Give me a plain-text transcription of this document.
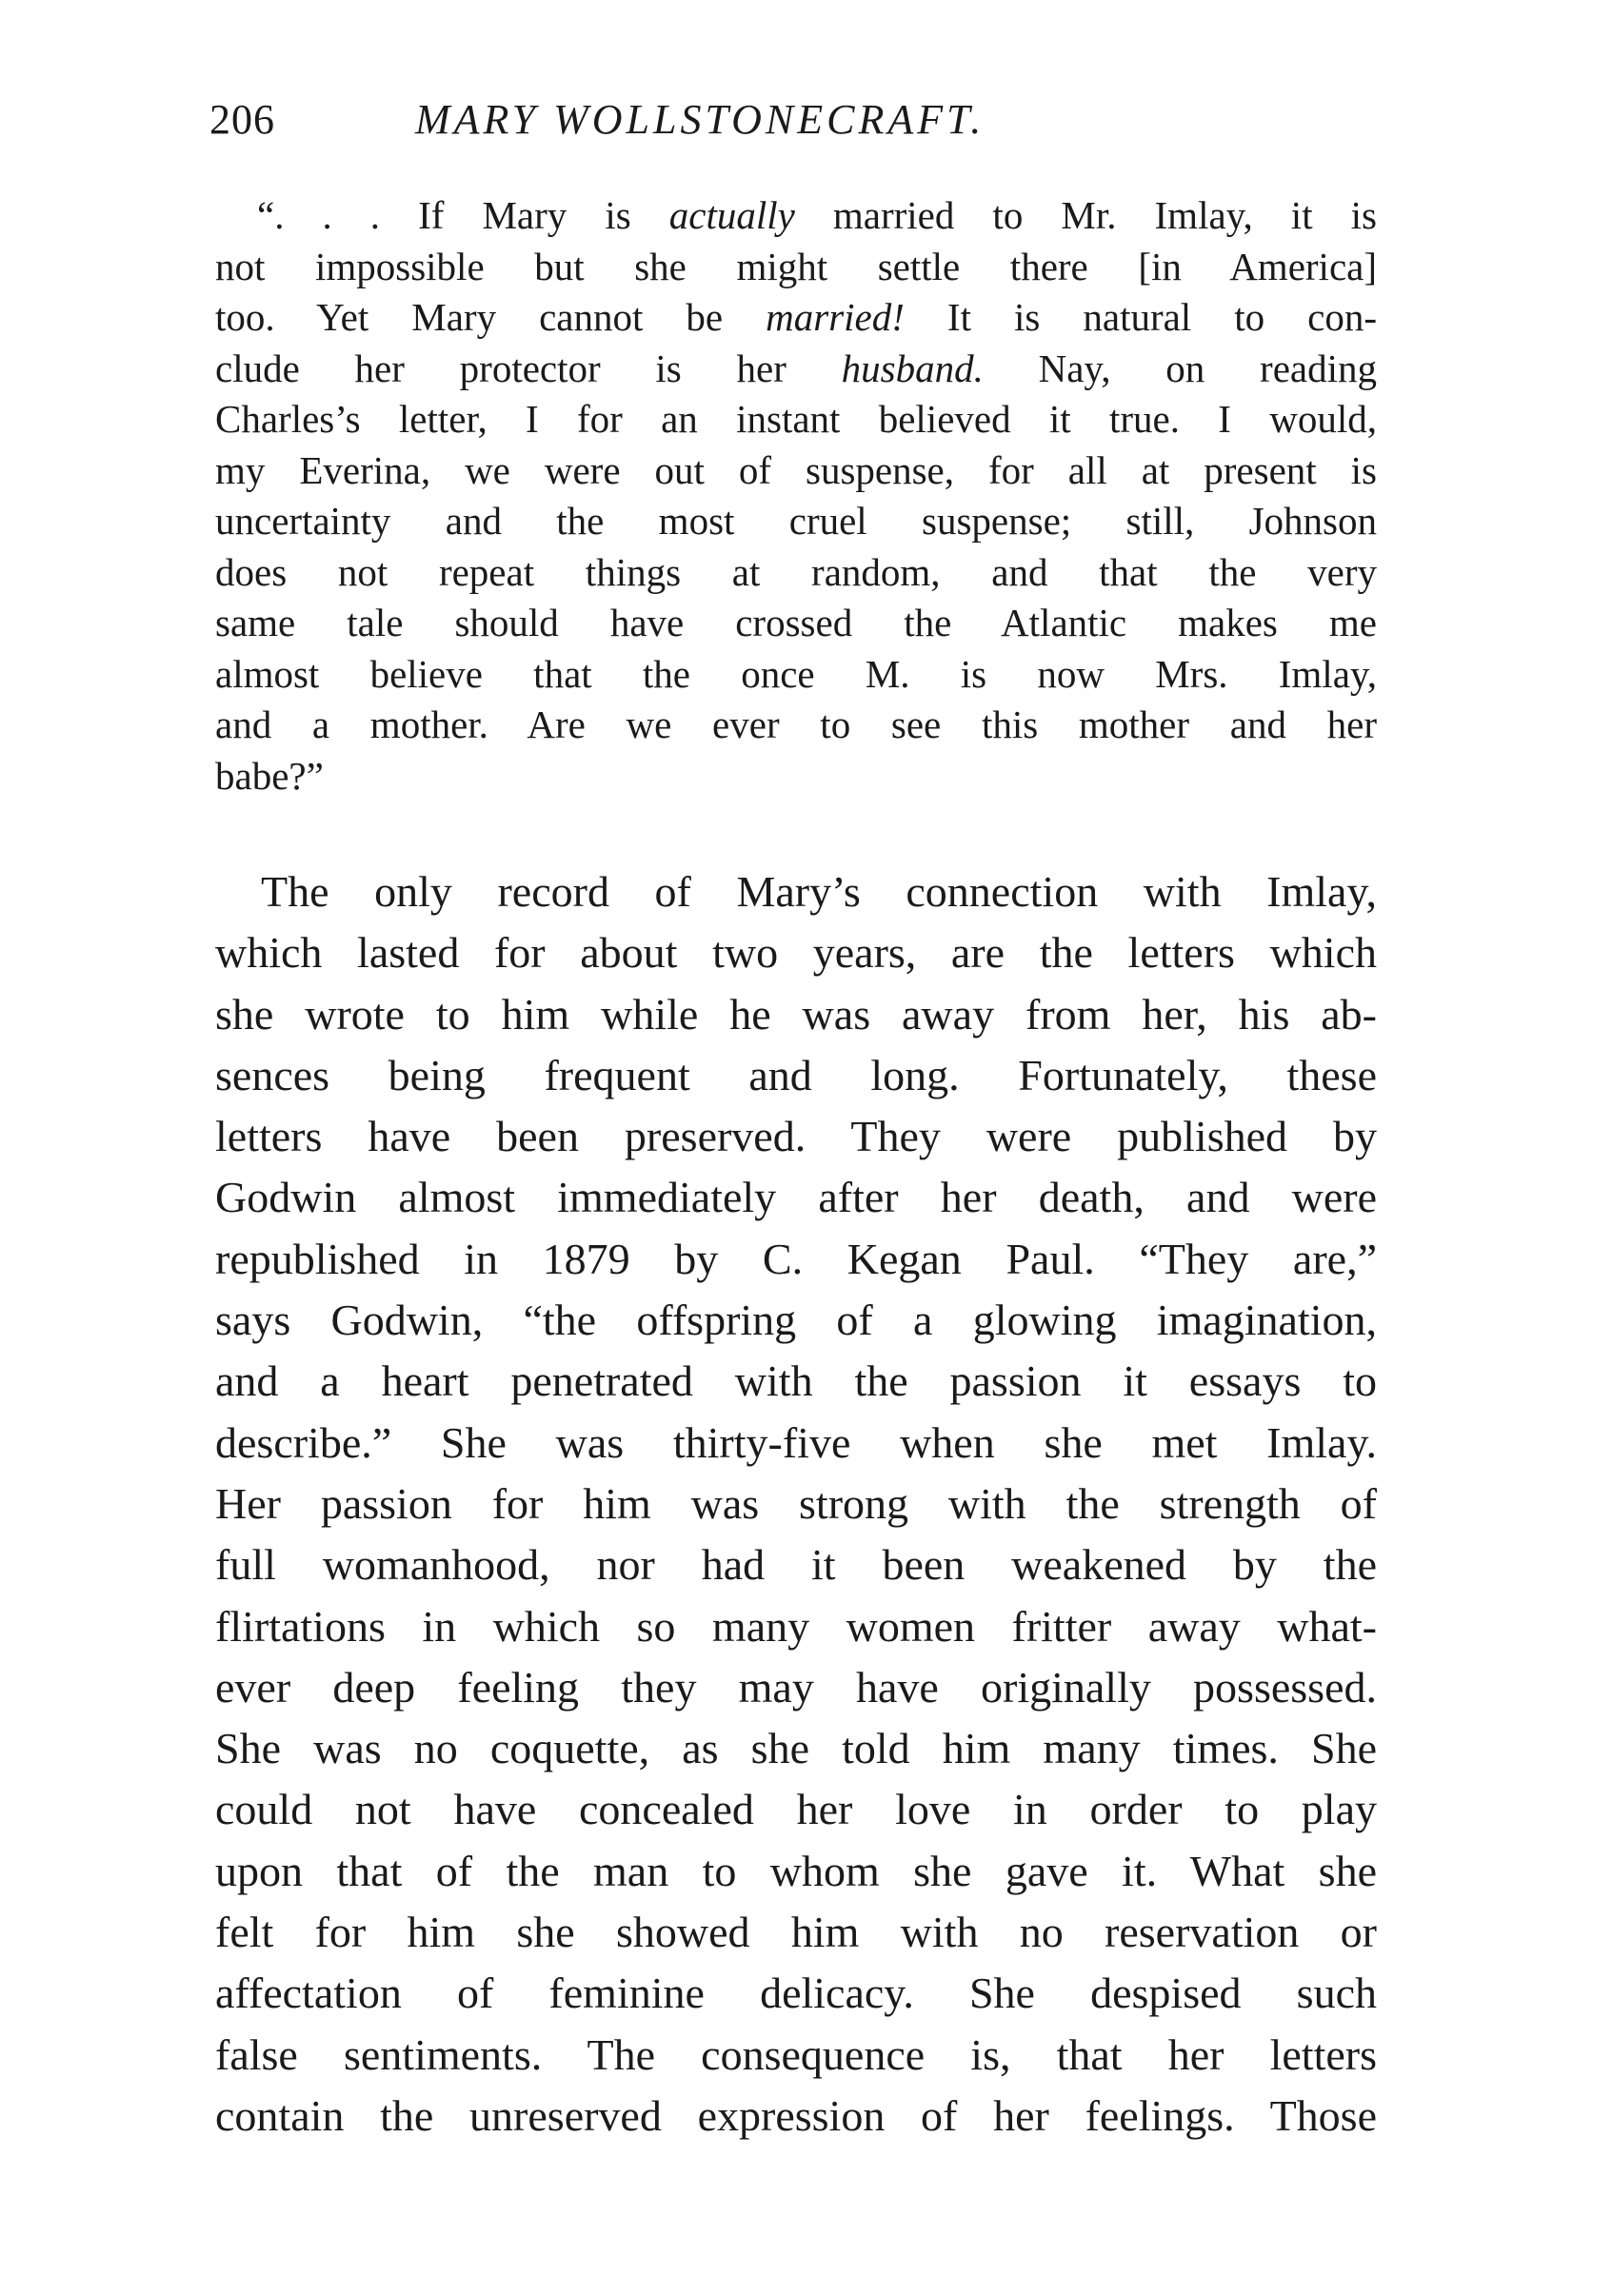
206	MARY WOLLSTONECRAFT.
“. . . If Mary is actually married to Mr. Imlay, it is
not impossible but she might settle there [in America]
too. Yet Mary cannot be married! It is natural to con-
clude her protector is her husband. Nay, on reading
Charles’s letter, I for an instant believed it true. I would,
my Everina, we were out of suspense, for all at present is
uncertainty and the most cruel suspense; still, Johnson
does not repeat things at random, and that the very
same tale should have crossed the Atlantic makes me
almost believe that the once M. is now Mrs. Imlay,
and a mother. Are we ever to see this mother and her
babe?”
The only record of Mary’s connection with Imlay,
which lasted for about two years, are the letters which
she wrote to him while he was away from her, his ab-
sences being frequent and long. Fortunately, these
letters have been preserved. They were published by
Godwin almost immediately after her death, and were
republished in 1879 by C. Kegan Paul. “They are,”
says Godwin, “the offspring of a glowing imagination,
and a heart penetrated with the passion it essays to
describe.” She was thirty-five when she met Imlay.
Her passion for him was strong with the strength of
full womanhood, nor had it been weakened by the
flirtations in which so many women fritter away what-
ever deep feeling they may have originally possessed.
She was no coquette, as she told him many times. She
could not have concealed her love in order to play
upon that of the man to whom she gave it. What she
felt for him she showed him with no reservation or
affectation of feminine delicacy. She despised such
false sentiments. The consequence is, that her letters
contain the unreserved expression of her feelings. Those
